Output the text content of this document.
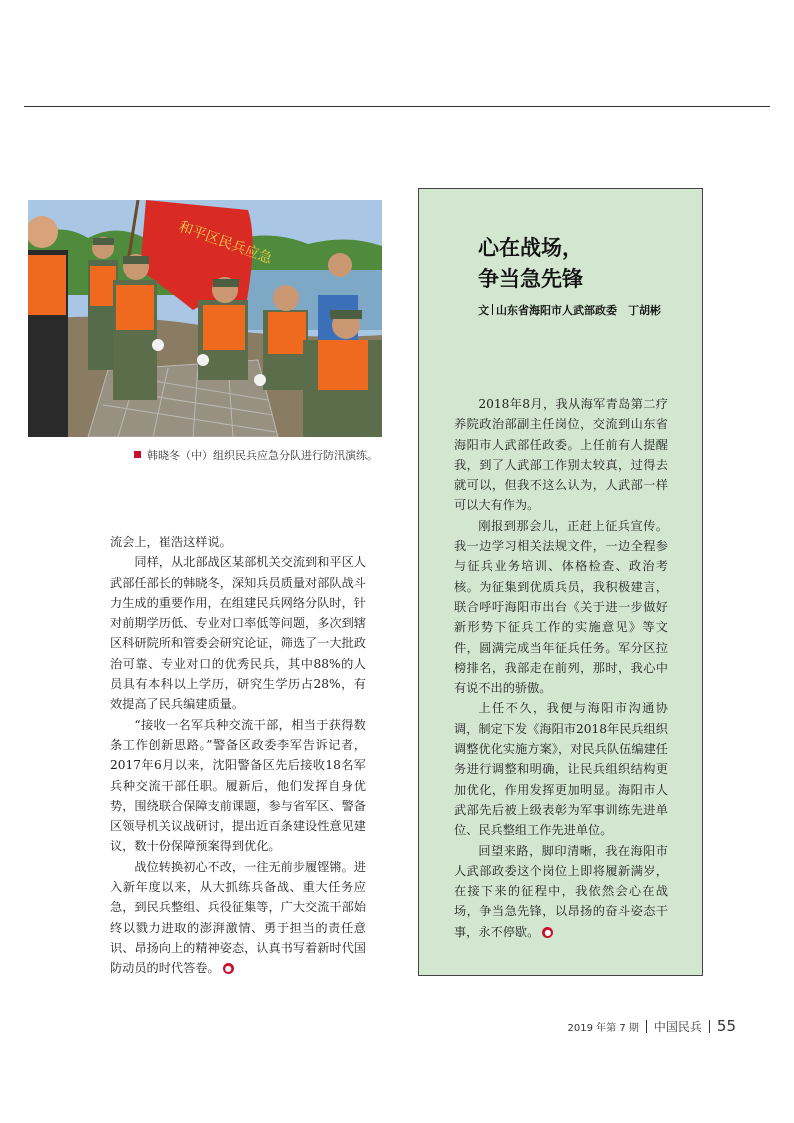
和平区民兵应急
韩晓冬（中）组织民兵应急分队进行防汛演练。

流会上，崔浩这样说。

同样，从北部战区某部机关交流到和平区人武部任部长的韩晓冬，深知兵员质量对部队战斗力生成的重要作用，在组建民兵网络分队时，针对前期学历低、专业对口率低等问题，多次到辖区科研院所和管委会研究论证，筛选了一大批政治可靠、专业对口的优秀民兵，其中88%的人员具有本科以上学历，研究生学历占28%，有效提高了民兵编建质量。

“接收一名军兵种交流干部，相当于获得数条工作创新思路。”警备区政委李军告诉记者，2017年6月以来，沈阳警备区先后接收18名军兵种交流干部任职。履新后，他们发挥自身优势，围绕联合保障支前课题，参与省军区、警备区领导机关议战研讨，提出近百条建设性意见建议，数十份保障预案得到优化。

战位转换初心不改，一往无前步履铿锵。进入新年度以来，从大抓练兵备战、重大任务应急，到民兵整组、兵役征集等，广大交流干部始终以戮力进取的澎湃激情、勇于担当的责任意识、昂扬向上的精神姿态，认真书写着新时代国防动员的时代答卷。 ●

心在战场，
争当急先锋
文 山东省海阳市人武部政委　丁胡彬

2018年8月，我从海军青岛第二疗养院政治部副主任岗位，交流到山东省海阳市人武部任政委。上任前有人提醒我，到了人武部工作别太较真，过得去就可以，但我不这么认为，人武部一样可以大有作为。

刚报到那会儿，正赶上征兵宣传。我一边学习相关法规文件，一边全程参与征兵业务培训、体格检查、政治考核。为征集到优质兵员，我积极建言，联合呼吁海阳市出台《关于进一步做好新形势下征兵工作的实施意见》等文件，圆满完成当年征兵任务。军分区拉榜排名，我部走在前列，那时，我心中有说不出的骄傲。

上任不久，我便与海阳市沟通协调，制定下发《海阳市2018年民兵组织调整优化实施方案》，对民兵队伍编建任务进行调整和明确，让民兵组织结构更加优化，作用发挥更加明显。海阳市人武部先后被上级表彰为军事训练先进单位、民兵整组工作先进单位。

回望来路，脚印清晰，我在海阳市人武部政委这个岗位上即将履新满岁，在接下来的征程中，我依然会心在战场，争当急先锋，以昂扬的奋斗姿态干事，永不停歇。 ●

2019 年第 7 期 中国民兵 55
